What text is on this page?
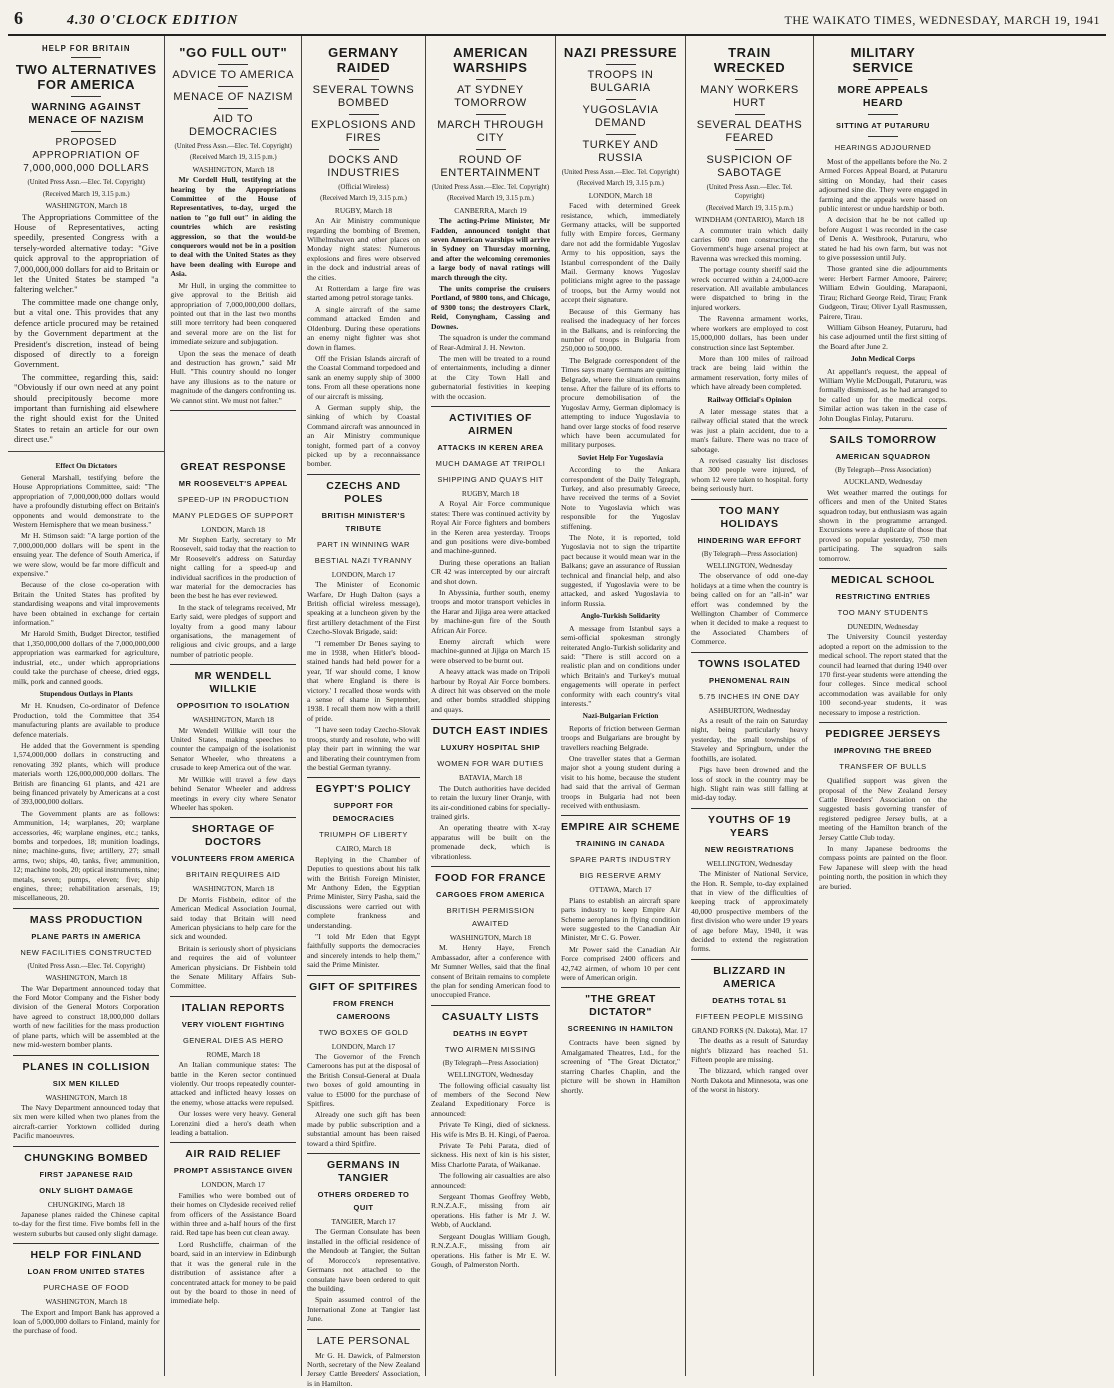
6	4.30 O'CLOCK EDITION	THE WAIKATO TIMES, WEDNESDAY, MARCH 19, 1941
HELP FOR BRITAIN
TWO ALTERNATIVES FOR AMERICA
WARNING AGAINST MENACE OF NAZISM
PROPOSED APPROPRIATION OF 7,000,000,000 DOLLARS
(United Press Assn.—Elec. Tel. Copyright)
(Received March 19, 3.15 p.m.)
WASHINGTON, March 18

The Appropriations Committee of the House of Representatives, acting speedily, presented Congress with a tersely-worded alternative today: "Give quick approval to the appropriation of 7,000,000,000 dollars for aid to Britain or let the United States be stamped "a faltering welcher."

The committee made one change only, but a vital one. This provides that any defence article procured may be retained by the Government department at the President's discretion, instead of being disposed of directly to a foreign Government.

The committee, regarding this, said: "Obviously if our own need at any point should precipitously become more important than furnishing aid elsewhere the right should exist for the United States to retain an article for our own direct use."

"GO FULL OUT"
ADVICE TO AMERICA
MENACE OF NAZISM
AID TO DEMOCRACIES
(United Press Assn.—Elec. Tel. Copyright)
(Received March 19, 3.15 p.m.)
WASHINGTON, March 18

Mr Cordell Hull, testifying at the hearing by the Appropriations Committee of the House of Representatives, to-day, urged the nation to "go full out" in aiding the countries which are resisting aggression, so that the would-be conquerors would not be in a position to deal with the United States as they have been dealing with Europe and Asia.

Mr Hull, in urging the committee to give approval to the British aid appropriation of 7,000,000,000 dollars, pointed out that in the last two months still more territory had been conquered and several more are on the list for immediate seizure and subjugation.

Upon the seas the menace of death and destruction has grown," said Mr Hull. "This country should no longer have any illusions as to the nature or magnitude of the dangers confronting us. We cannot stint. We must not falter."

Effect On Dictators

General Marshall, testifying before the House Appropriations Committee, said: "The appropriation of 7,000,000,000 dollars would have a profoundly disturbing effect on Britain's opponents and would demonstrate to the Western Hemisphere that we mean business."

Mr H. Stimson said: "A large portion of the 7,000,000,000 dollars will be spent in the ensuing year. The defence of South America, if we were slow, would be far more difficult and expensive."

Because of the close co-operation with Britain the United States has profited by standardising weapons and vital improvements have been obtained in exchange for certain information."

Mr Harold Smith, Budget Director, testified that 1,350,000,000 dollars of the 7,000,000,000 appropriation was earmarked for agriculture, industrial, etc., under which appropriations could take the purchase of cheese, dried eggs, milk, pork and canned goods.

Stupendous Outlays in Plants

Mr H. Knudsen, Co-ordinator of Defence Production, told the Committee that 354 manufacturing plants are available to produce defence materials.

He added that the Government is spending 1,574,000,000 dollars in constructing and renovating 392 plants, which will produce materials worth 126,000,000,000 dollars. The British are financing 61 plants, and 421 are being financed privately by Americans at a cost of 393,000,000 dollars.

The Government plants are as follows: Ammunition, 14; warplanes, 20; warplane accessories, 46; warplane engines, etc.; tanks, bombs and torpedoes, 18; munition loadings, nine; machine-guns, five; artillery, 27; small arms, two; ships, 40, tanks, five; ammunition, 12; machine tools, 20; optical instruments, nine; metals, seven; pumps, eleven; five; ship engines, three; rehabilitation arsenals, 19; miscellaneous, 20.

MASS PRODUCTION
PLANE PARTS IN AMERICA
NEW FACILITIES CONSTRUCTED
(United Press Assn.—Elec. Tel. Copyright)
WASHINGTON, March 18

The War Department announced today that the Ford Motor Company and the Fisher body division of the General Motors Corporation have agreed to construct 18,000,000 dollars worth of new facilities for the mass production of plane parts, which will be assembled at the new mid-western bomber plants.

PLANES IN COLLISION
SIX MEN KILLED
WASHINGTON, March 18

The Navy Department announced today that six men were killed when two planes from the aircraft-carrier Yorktown collided during Pacific manoeuvres.

CHUNGKING BOMBED
FIRST JAPANESE RAID
ONLY SLIGHT DAMAGE
CHUNGKING, March 18

Japanese planes raided the Chinese capital to-day for the first time. Five bombs fell in the western suburbs but caused only slight damage.

HELP FOR FINLAND
LOAN FROM UNITED STATES
PURCHASE OF FOOD
WASHINGTON, March 18

The Export and Import Bank has approved a loan of 5,000,000 dollars to Finland, mainly for the purchase of food.

GREAT RESPONSE
MR ROOSEVELT'S APPEAL
SPEED-UP IN PRODUCTION
MANY PLEDGES OF SUPPORT
LONDON, March 18

Mr Stephen Early, secretary to Mr Roosevelt, said today that the reaction to Mr Roosevelt's address on Saturday night calling for a speed-up and individual sacrifices in the production of war material for the democracies has been the best he has ever reviewed.

In the stack of telegrams received, Mr Early said, were pledges of support and loyalty from a good many labour organisations, the management of religious and civic groups, and a large number of patriotic people.

MR WENDELL WILLKIE
OPPOSITION TO ISOLATION
WASHINGTON, March 18

Mr Wendell Willkie will tour the United States, making speeches to counter the campaign of the isolationist Senator Wheeler, who threatens a crusade to keep America out of the war.

Mr Willkie will travel a few days behind Senator Wheeler and address meetings in every city where Senator Wheeler has spoken.

SHORTAGE OF DOCTORS
VOLUNTEERS FROM AMERICA
BRITAIN REQUIRES AID
WASHINGTON, March 18

Dr Morris Fishbein, editor of the American Medical Association Journal, said today that Britain will need American physicians to help care for the sick and wounded.

Britain is seriously short of physicians and requires the aid of volunteer American physicians. Dr Fishbein told the Senate Military Affairs Sub-Committee.

ITALIAN REPORTS
VERY VIOLENT FIGHTING
GENERAL DIES AS HERO
ROME, March 18

An Italian communique states: The battle in the Keren sector continued violently. Our troops repeatedly counter-attacked and inflicted heavy losses on the enemy, whose attacks were repulsed.

Our losses were very heavy. General Lorenzini died a hero's death when leading a battalion.

AIR RAID RELIEF
PROMPT ASSISTANCE GIVEN
LONDON, March 17

Families who were bombed out of their homes on Clydeside received relief from officers of the Assistance Board within three and a-half hours of the first raid. Red tape has been cut clean away.

Lord Rushcliffe, chairman of the board, said in an interview in Edinburgh that it was the general rule in the distribution of assistance after a concentrated attack for money to be paid out by the board to those in need of immediate help.

GERMANY RAIDED
SEVERAL TOWNS BOMBED
EXPLOSIONS AND FIRES
DOCKS AND INDUSTRIES
(Official Wireless)
(Received March 19, 3.15 p.m.)
RUGBY, March 18

An Air Ministry communique regarding the bombing of Bremen, Wilhelmshaven and other places on Monday night states: Numerous explosions and fires were observed in the dock and industrial areas of the cities.

At Rotterdam a large fire was started among petrol storage tanks.

A single aircraft of the same command attacked Emden and Oldenburg. During these operations an enemy night fighter was shot down in flames.

Off the Frisian Islands aircraft of the Coastal Command torpedoed and sank an enemy supply ship of 3000 tons. From all these operations none of our aircraft is missing.

A German supply ship, the sinking of which by Coastal Command aircraft was announced in an Air Ministry communique tonight, formed part of a convoy picked up by a reconnaissance bomber.

CZECHS AND POLES
BRITISH MINISTER'S TRIBUTE
PART IN WINNING WAR
BESTIAL NAZI TYRANNY
LONDON, March 17

The Minister of Economic Warfare, Dr Hugh Dalton (says a British official wireless message), speaking at a luncheon given by the first artillery detachment of the First Czecho-Slovak Brigade, said:

"I remember Dr Benes saying to me in 1938, when Hitler's blood-stained hands had held power for a year, 'If war should come, I know that where England is there is victory.' I recalled those words with a sense of shame in September, 1938. I recall them now with a thrill of pride.

"I have seen today Czecho-Slovak troops, sturdy and resolute, who will play their part in winning the war and liberating their countrymen from the bestial German tyranny.

EGYPT'S POLICY
SUPPORT FOR DEMOCRACIES
TRIUMPH OF LIBERTY
CAIRO, March 18

Replying in the Chamber of Deputies to questions about his talk with the British Foreign Minister, Mr Anthony Eden, the Egyptian Prime Minister, Sirry Pasha, said the discussions were carried out with complete frankness and understanding.

"I told Mr Eden that Egypt faithfully supports the democracies and sincerely intends to help them," said the Prime Minister.

GIFT OF SPITFIRES
FROM FRENCH CAMEROONS
TWO BOXES OF GOLD
LONDON, March 17

The Governor of the French Cameroons has put at the disposal of the British Consul-General at Duala two boxes of gold amounting in value to £5000 for the purchase of Spitfires.

Already one such gift has been made by public subscription and a substantial amount has been raised toward a third Spitfire.

GERMANS IN TANGIER
OTHERS ORDERED TO QUIT
TANGIER, March 17

The German Consulate has been installed in the official residence of the Mendoub at Tangier, the Sultan of Morocco's representative. Germans not attached to the consulate have been ordered to quit the building.

Spain assumed control of the International Zone at Tangier last June.

LATE PERSONAL

Mr G. H. Dawick, of Palmerston North, secretary of the New Zealand Jersey Cattle Breeders' Association, is in Hamilton.

AMERICAN WARSHIPS
AT SYDNEY TOMORROW
MARCH THROUGH CITY
ROUND OF ENTERTAINMENT
(United Press Assn.—Elec. Tel. Copyright)
(Received March 19, 3.15 p.m.)
CANBERRA, March 19

The acting-Prime Minister, Mr Fadden, announced tonight that seven American warships will arrive in Sydney on Thursday morning, and after the welcoming ceremonies a large body of naval ratings will march through the city.

The units comprise the cruisers Portland, of 9800 tons, and Chicago, of 9300 tons; the destroyers Clark, Reid, Conyngham, Cassing and Downes.

The squadron is under the command of Rear-Admiral J. H. Newton.

The men will be treated to a round of entertainments, including a dinner at the City Town Hall and gubernatorial festivities in keeping with the occasion.

ACTIVITIES OF AIRMEN
ATTACKS IN KEREN AREA
MUCH DAMAGE AT TRIPOLI
SHIPPING AND QUAYS HIT
RUGBY, March 18

A Royal Air Force communique states: There was continued activity by Royal Air Force fighters and bombers in the Keren area yesterday. Troops and gun positions were dive-bombed and machine-gunned.

During these operations an Italian CR 42 was intercepted by our aircraft and shot down.

In Abyssinia, further south, enemy troops and motor transport vehicles in the Harar and Jijiga area were attacked by machine-gun fire of the South African Air Force.

Enemy aircraft which were machine-gunned at Jijiga on March 15 were observed to be burnt out.

A heavy attack was made on Tripoli harbour by Royal Air Force bombers. A direct hit was observed on the mole and other bombs straddled shipping and quays.

DUTCH EAST INDIES
LUXURY HOSPITAL SHIP
WOMEN FOR WAR DUTIES
BATAVIA, March 18

The Dutch authorities have decided to retain the luxury liner Oranje, with its air-conditioned cabins for specially-trained girls.

An operating theatre with X-ray apparatus will be built on the promenade deck, which is vibrationless.

FOOD FOR FRANCE
CARGOES FROM AMERICA
BRITISH PERMISSION AWAITED
WASHINGTON, March 18

M. Henry Haye, French Ambassador, after a conference with Mr Sumner Welles, said that the final consent of Britain remains to complete the plan for sending American food to unoccupied France.

CASUALTY LISTS
DEATHS IN EGYPT
TWO AIRMEN MISSING
(By Telegraph—Press Association)
WELLINGTON, Wednesday

The following official casualty list of members of the Second New Zealand Expeditionary Force is announced:

Private Te Kingi, died of sickness. His wife is Mrs B. H. Kingi, of Paeroa.

Private Te Pehi Parata, died of sickness. His next of kin is his sister, Miss Charlotte Parata, of Waikanae.

The following air casualties are also announced:

Sergeant Thomas Geoffrey Webb, R.N.Z.A.F., missing from air operations. His father is Mr J. W. Webb, of Auckland.

Sergeant Douglas William Gough, R.N.Z.A.F., missing from air operations. His father is Mr E. W. Gough, of Palmerston North.

NAZI PRESSURE
TROOPS IN BULGARIA
YUGOSLAVIA DEMAND
TURKEY AND RUSSIA
(United Press Assn.—Elec. Tel. Copyright)
(Received March 19, 3.15 p.m.)
LONDON, March 18

Faced with determined Greek resistance, which, immediately Germany attacks, will be supported fully with Empire forces, Germany dare not add the formidable Yugoslav Army to his opposition, says the Istanbul correspondent of the Daily Mail. Germany knows Yugoslav politicians might agree to the passage of troops, but the Army would not accept their signature.

Because of this Germany has realised the inadequacy of her forces in the Balkans, and is reinforcing the number of troops in Bulgaria from 250,000 to 500,000.

The Belgrade correspondent of the Times says many Germans are quitting Belgrade, where the situation remains tense. After the failure of its efforts to procure demobilisation of the Yugoslav Army, German diplomacy is attempting to induce Yugoslavia to hand over large stocks of food reserve which have been accumulated for military purposes.

Soviet Help For Yugoslavia

According to the Ankara correspondent of the Daily Telegraph, Turkey, and also presumably Greece, have received the terms of a Soviet Note to Yugoslavia which was responsible for the Yugoslav stiffening.

The Note, it is reported, told Yugoslavia not to sign the tripartite pact because it would mean war in the Balkans; gave an assurance of Russian technical and financial help, and also suggested, if Yugoslavia were to be attacked, and asked Yugoslavia to inform Russia.

Anglo-Turkish Solidarity

A message from Istanbul says a semi-official spokesman strongly reiterated Anglo-Turkish solidarity and said: "There is still accord on a realistic plan and on conditions under which Britain's and Turkey's mutual engagements will operate in perfect conformity with each country's vital interests."

Nazi-Bulgarian Friction

Reports of friction between German troops and Bulgarians are brought by travellers reaching Belgrade.

One traveller states that a German major shot a young student during a visit to his home, because the student had said that the arrival of German troops in Bulgaria had not been received with enthusiasm.

EMPIRE AIR SCHEME
TRAINING IN CANADA
SPARE PARTS INDUSTRY
BIG RESERVE ARMY
OTTAWA, March 17

Plans to establish an aircraft spare parts industry to keep Empire Air Scheme aeroplanes in flying condition were suggested to the Canadian Air Minister, Mr C. G. Power.

Mr Power said the Canadian Air Force comprised 2400 officers and 42,742 airmen, of whom 10 per cent were of American origin.

"THE GREAT DICTATOR"
SCREENING IN HAMILTON

Contracts have been signed by Amalgamated Theatres, Ltd., for the screening of "The Great Dictator," starring Charles Chaplin, and the picture will be shown in Hamilton shortly.

TRAIN WRECKED
MANY WORKERS HURT
SEVERAL DEATHS FEARED
SUSPICION OF SABOTAGE
(United Press Assn.—Elec. Tel. Copyright)
(Received March 19, 3.15 p.m.)
WINDHAM (ONTARIO), March 18

A commuter train which daily carries 600 men constructing the Government's huge arsenal project at Ravenna was wrecked this morning.

The portage county sheriff said the wreck occurred within a 24,000-acre reservation. All available ambulances were dispatched to bring in the injured workers.

The Ravenna armament works, where workers are employed to cost 15,000,000 dollars, has been under construction since last September.

More than 100 miles of railroad track are being laid within the armament reservation, forty miles of which have already been completed.

Railway Official's Opinion

A later message states that a railway official stated that the wreck was just a plain accident, due to a man's failure. There was no trace of sabotage.

A revised casualty list discloses that 300 people were injured, of whom 12 were taken to hospital. forty being seriously hurt.

TOO MANY HOLIDAYS
HINDERING WAR EFFORT
(By Telegraph—Press Association)
WELLINGTON, Wednesday

The observance of odd one-day holidays at a time when the country is being called on for an "all-in" war effort was condemned by the Wellington Chamber of Commerce when it decided to make a request to the Associated Chambers of Commerce.

TOWNS ISOLATED
PHENOMENAL RAIN
5.75 INCHES IN ONE DAY
ASHBURTON, Wednesday

As a result of the rain on Saturday night, being particularly heavy yesterday, the small townships of Staveley and Springburn, under the foothills, are isolated.

Pigs have been drowned and the loss of stock in the country may be high. Slight rain was still falling at mid-day today.

YOUTHS OF 19 YEARS
NEW REGISTRATIONS
WELLINGTON, Wednesday

The Minister of National Service, the Hon. R. Semple, to-day explained that in view of the difficulties of keeping track of approximately 40,000 prospective members of the first division who were under 19 years of age before May, 1940, it was decided to extend the registration forms.

BLIZZARD IN AMERICA
DEATHS TOTAL 51
FIFTEEN PEOPLE MISSING
GRAND FORKS (N. Dakota), Mar. 17

The deaths as a result of Saturday night's blizzard has reached 51. Fifteen people are missing.

The blizzard, which ranged over North Dakota and Minnesota, was one of the worst in history.

MILITARY SERVICE
MORE APPEALS HEARD
SITTING AT PUTARURU
HEARINGS ADJOURNED

Most of the appellants before the No. 2 Armed Forces Appeal Board, at Putaruru sitting on Monday, had their cases adjourned sine die. They were engaged in farming and the appeals were based on public interest or undue hardship or both.

A decision that he be not called up before August 1 was recorded in the case of Denis A. Westbrook, Putaruru, who stated he had his own farm, but was not to give possession until July.

Those granted sine die adjournments were: Herbert Farmer Amoore, Pairere; William Edwin Goulding, Marapaoni, Tirau; Richard George Reid, Tirau; Frank Gudgeon, Tirau; Oliver Lyall Rasmussen, Pairere, Tirau.

William Gibson Heaney, Putaruru, had his case adjourned until the first sitting of the Board after June 2.

John Medical Corps

At appellant's request, the appeal of William Wylie McDougall, Putaruru, was formally dismissed, as he had arranged to be called up for the medical corps. Similar action was taken in the case of John Douglas Finlay, Putaruru.

SAILS TOMORROW
AMERICAN SQUADRON
(By Telegraph—Press Association)
AUCKLAND, Wednesday

Wet weather marred the outings for officers and men of the United States squadron today, but enthusiasm was again shown in the programme arranged. Excursions were a duplicate of those that proved so popular yesterday, 750 men participating. The squadron sails tomorrow.

MEDICAL SCHOOL
RESTRICTING ENTRIES
TOO MANY STUDENTS
DUNEDIN, Wednesday

The University Council yesterday adopted a report on the admission to the medical school. The report stated that the council had learned that during 1940 over 170 first-year students were attending the four colleges. Since medical school accommodation was available for only 100 second-year students, it was necessary to impose a restriction.

PEDIGREE JERSEYS
IMPROVING THE BREED
TRANSFER OF BULLS

Qualified support was given the proposal of the New Zealand Jersey Cattle Breeders' Association on the suggested basis governing transfer of registered pedigree Jersey bulls, at a meeting of the Hamilton branch of the Jersey Cattle Club today.

In many Japanese bedrooms the compass points are painted on the floor. Few Japanese will sleep with the head pointing north, the position in which they are buried.
